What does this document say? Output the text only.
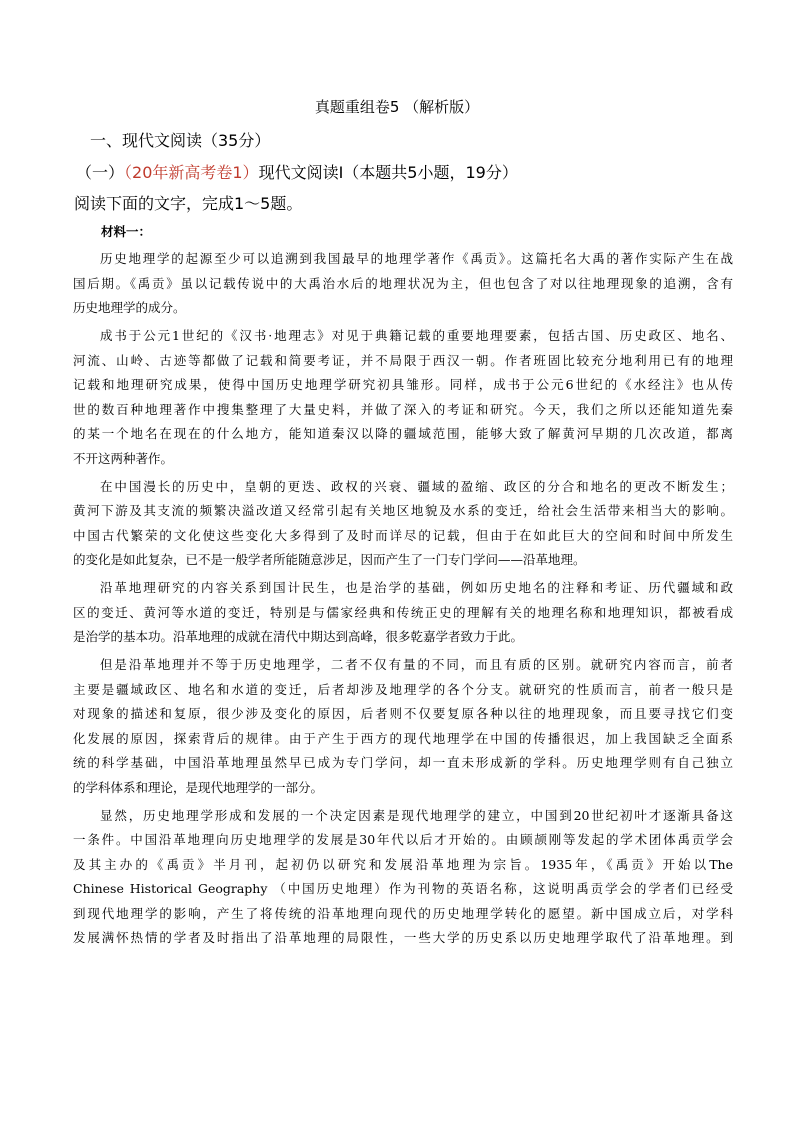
真题重组卷5 （解析版）
一、现代文阅读（35分）
（一）（20年新高考卷1）现代文阅读Ⅰ（本题共5小题，19分）
阅读下面的文字，完成1～5题。
材料一：
历史地理学的起源至少可以追溯到我国最早的地理学著作《禹贡》。这篇托名大禹的著作实际产生在战
国后期。《禹贡》虽以记载传说中的大禹治水后的地理状况为主，但也包含了对以往地理现象的追溯，含有
历史地理学的成分。
成书于公元1世纪的《汉书·地理志》对见于典籍记载的重要地理要素，包括古国、历史政区、地名、
河流、山岭、古迹等都做了记载和简要考证，并不局限于西汉一朝。作者班固比较充分地利用已有的地理
记载和地理研究成果，使得中国历史地理学研究初具雏形。同样，成书于公元6世纪的《水经注》也从传
世的数百种地理著作中搜集整理了大量史料，并做了深入的考证和研究。今天，我们之所以还能知道先秦
的某一个地名在现在的什么地方，能知道秦汉以降的疆域范围，能够大致了解黄河早期的几次改道，都离
不开这两种著作。
在中国漫长的历史中，皇朝的更迭、政权的兴衰、疆域的盈缩、政区的分合和地名的更改不断发生；
黄河下游及其支流的频繁决溢改道又经常引起有关地区地貌及水系的变迁，给社会生活带来相当大的影响。
中国古代繁荣的文化使这些变化大多得到了及时而详尽的记载，但由于在如此巨大的空间和时间中所发生
的变化是如此复杂，已不是一般学者所能随意涉足，因而产生了一门专门学问——沿革地理。
沿革地理研究的内容关系到国计民生，也是治学的基础，例如历史地名的注释和考证、历代疆域和政
区的变迁、黄河等水道的变迁，特别是与儒家经典和传统正史的理解有关的地理名称和地理知识，都被看成
是治学的基本功。沿革地理的成就在清代中期达到高峰，很多乾嘉学者致力于此。
但是沿革地理并不等于历史地理学，二者不仅有量的不同，而且有质的区别。就研究内容而言，前者
主要是疆域政区、地名和水道的变迁，后者却涉及地理学的各个分支。就研究的性质而言，前者一般只是
对现象的描述和复原，很少涉及变化的原因，后者则不仅要复原各种以往的地理现象，而且要寻找它们变
化发展的原因，探索背后的规律。由于产生于西方的现代地理学在中国的传播很迟，加上我国缺乏全面系
统的科学基础，中国沿革地理虽然早已成为专门学问，却一直未形成新的学科。历史地理学则有自己独立
的学科体系和理论，是现代地理学的一部分。
显然，历史地理学形成和发展的一个决定因素是现代地理学的建立，中国到20世纪初叶才逐渐具备这
一条件。中国沿革地理向历史地理学的发展是30年代以后才开始的。由顾颉刚等发起的学术团体禹贡学会
及其主办的《禹贡》半月刊，起初仍以研究和发展沿革地理为宗旨。1935年，《禹贡》开始以The
Chinese Historical Geography （中国历史地理）作为刊物的英语名称，这说明禹贡学会的学者们已经受
到现代地理学的影响，产生了将传统的沿革地理向现代的历史地理学转化的愿望。新中国成立后，对学科
发展满怀热情的学者及时指出了沿革地理的局限性，一些大学的历史系以历史地理学取代了沿革地理。到
